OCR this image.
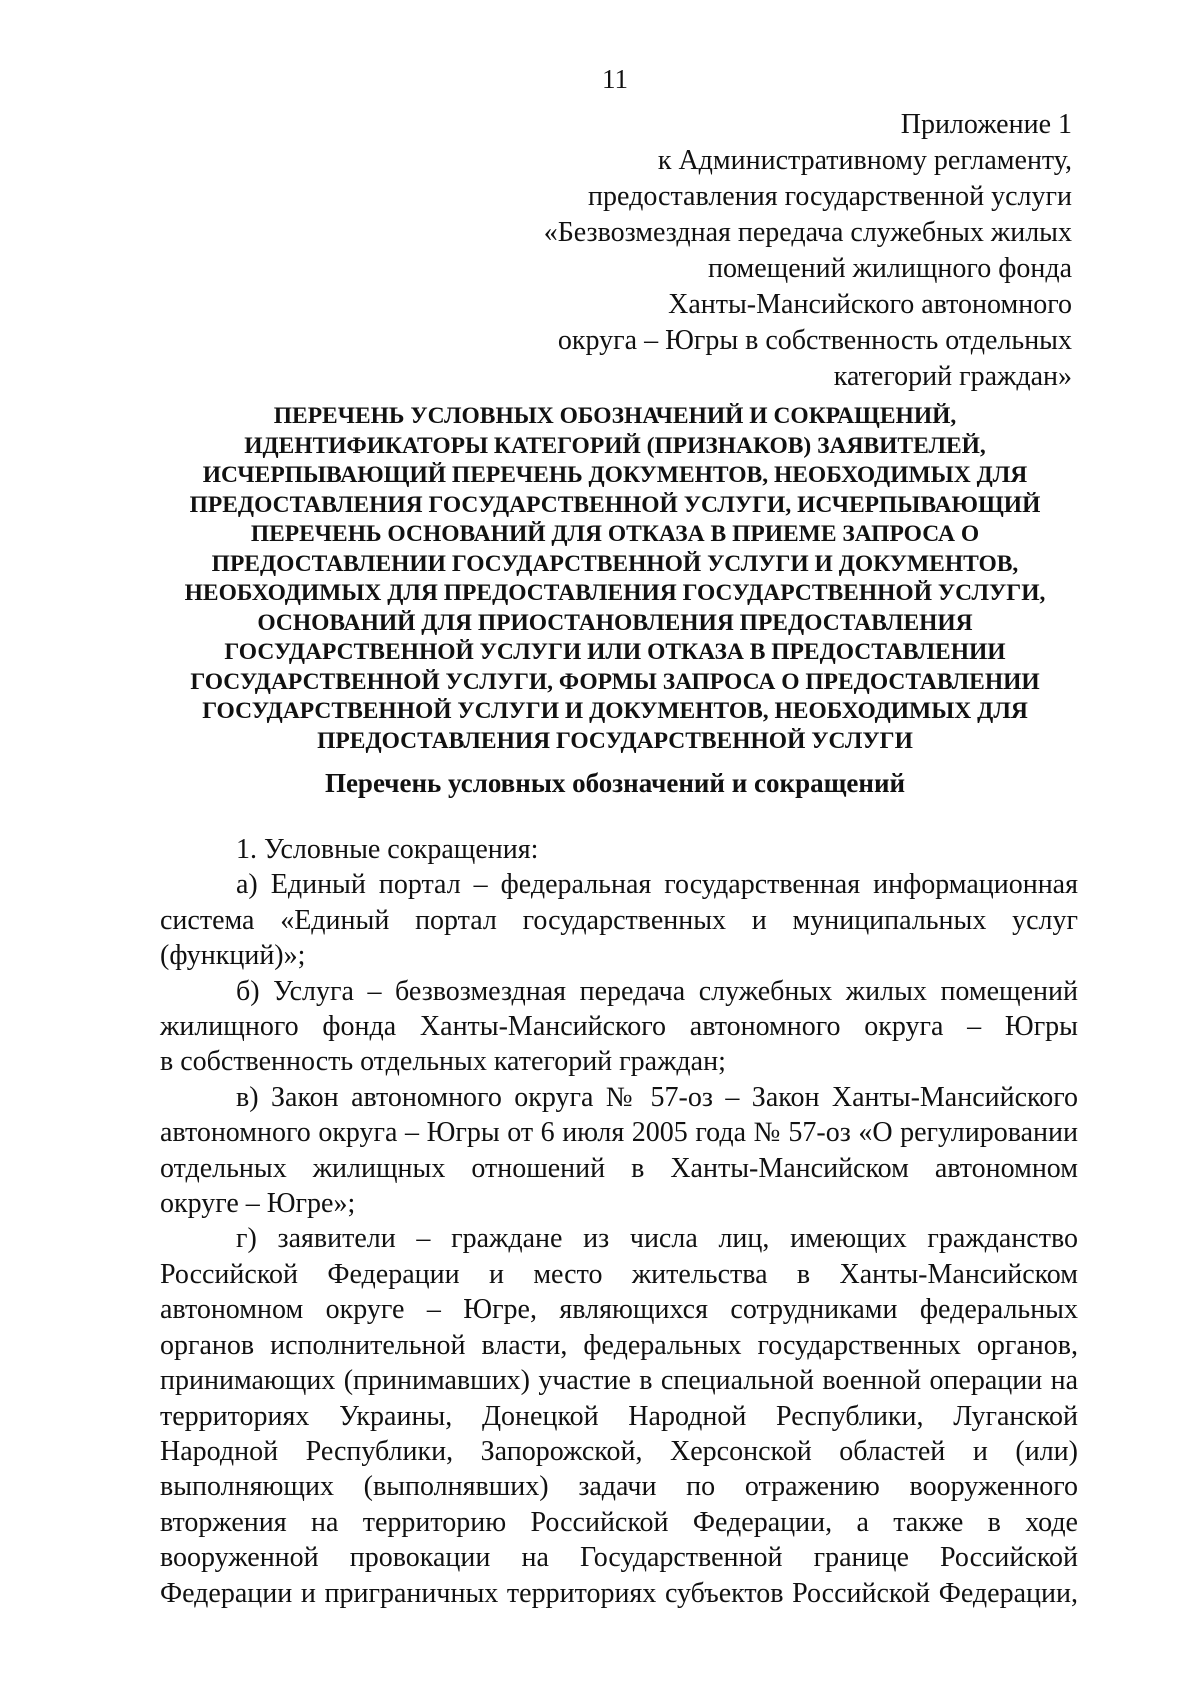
11
Приложение 1
к Административному регламенту,
предоставления государственной услуги
«Безвозмездная передача служебных жилых
помещений жилищного фонда
Ханты-Мансийского автономного
округа – Югры в собственность отдельных
категорий граждан»
ПЕРЕЧЕНЬ УСЛОВНЫХ ОБОЗНАЧЕНИЙ И СОКРАЩЕНИЙ,
ИДЕНТИФИКАТОРЫ КАТЕГОРИЙ (ПРИЗНАКОВ) ЗАЯВИТЕЛЕЙ,
ИСЧЕРПЫВАЮЩИЙ ПЕРЕЧЕНЬ ДОКУМЕНТОВ, НЕОБХОДИМЫХ ДЛЯ
ПРЕДОСТАВЛЕНИЯ ГОСУДАРСТВЕННОЙ УСЛУГИ, ИСЧЕРПЫВАЮЩИЙ
ПЕРЕЧЕНЬ ОСНОВАНИЙ ДЛЯ ОТКАЗА В ПРИЕМЕ ЗАПРОСА О
ПРЕДОСТАВЛЕНИИ ГОСУДАРСТВЕННОЙ УСЛУГИ И ДОКУМЕНТОВ,
НЕОБХОДИМЫХ ДЛЯ ПРЕДОСТАВЛЕНИЯ ГОСУДАРСТВЕННОЙ УСЛУГИ,
ОСНОВАНИЙ ДЛЯ ПРИОСТАНОВЛЕНИЯ ПРЕДОСТАВЛЕНИЯ
ГОСУДАРСТВЕННОЙ УСЛУГИ ИЛИ ОТКАЗА В ПРЕДОСТАВЛЕНИИ
ГОСУДАРСТВЕННОЙ УСЛУГИ, ФОРМЫ ЗАПРОСА О ПРЕДОСТАВЛЕНИИ
ГОСУДАРСТВЕННОЙ УСЛУГИ И ДОКУМЕНТОВ, НЕОБХОДИМЫХ ДЛЯ
ПРЕДОСТАВЛЕНИЯ ГОСУДАРСТВЕННОЙ УСЛУГИ
Перечень условных обозначений и сокращений
1. Условные сокращения:
а) Единый портал – федеральная государственная информационная
система «Единый портал государственных и муниципальных услуг
(функций)»;
б) Услуга – безвозмездная передача служебных жилых помещений
жилищного фонда Ханты-Мансийского автономного округа – Югры
в собственность отдельных категорий граждан;
в) Закон автономного округа № 57-оз – Закон Ханты-Мансийского
автономного округа – Югры от 6 июля 2005 года № 57-оз «О регулировании
отдельных жилищных отношений в Ханты-Мансийском автономном
округе – Югре»;
г) заявители – граждане из числа лиц, имеющих гражданство
Российской Федерации и место жительства в Ханты-Мансийском
автономном округе – Югре, являющихся сотрудниками федеральных
органов исполнительной власти, федеральных государственных органов,
принимающих (принимавших) участие в специальной военной операции на
территориях Украины, Донецкой Народной Республики, Луганской
Народной Республики, Запорожской, Херсонской областей и (или)
выполняющих (выполнявших) задачи по отражению вооруженного
вторжения на территорию Российской Федерации, а также в ходе
вооруженной провокации на Государственной границе Российской
Федерации и приграничных территориях субъектов Российской Федерации,
